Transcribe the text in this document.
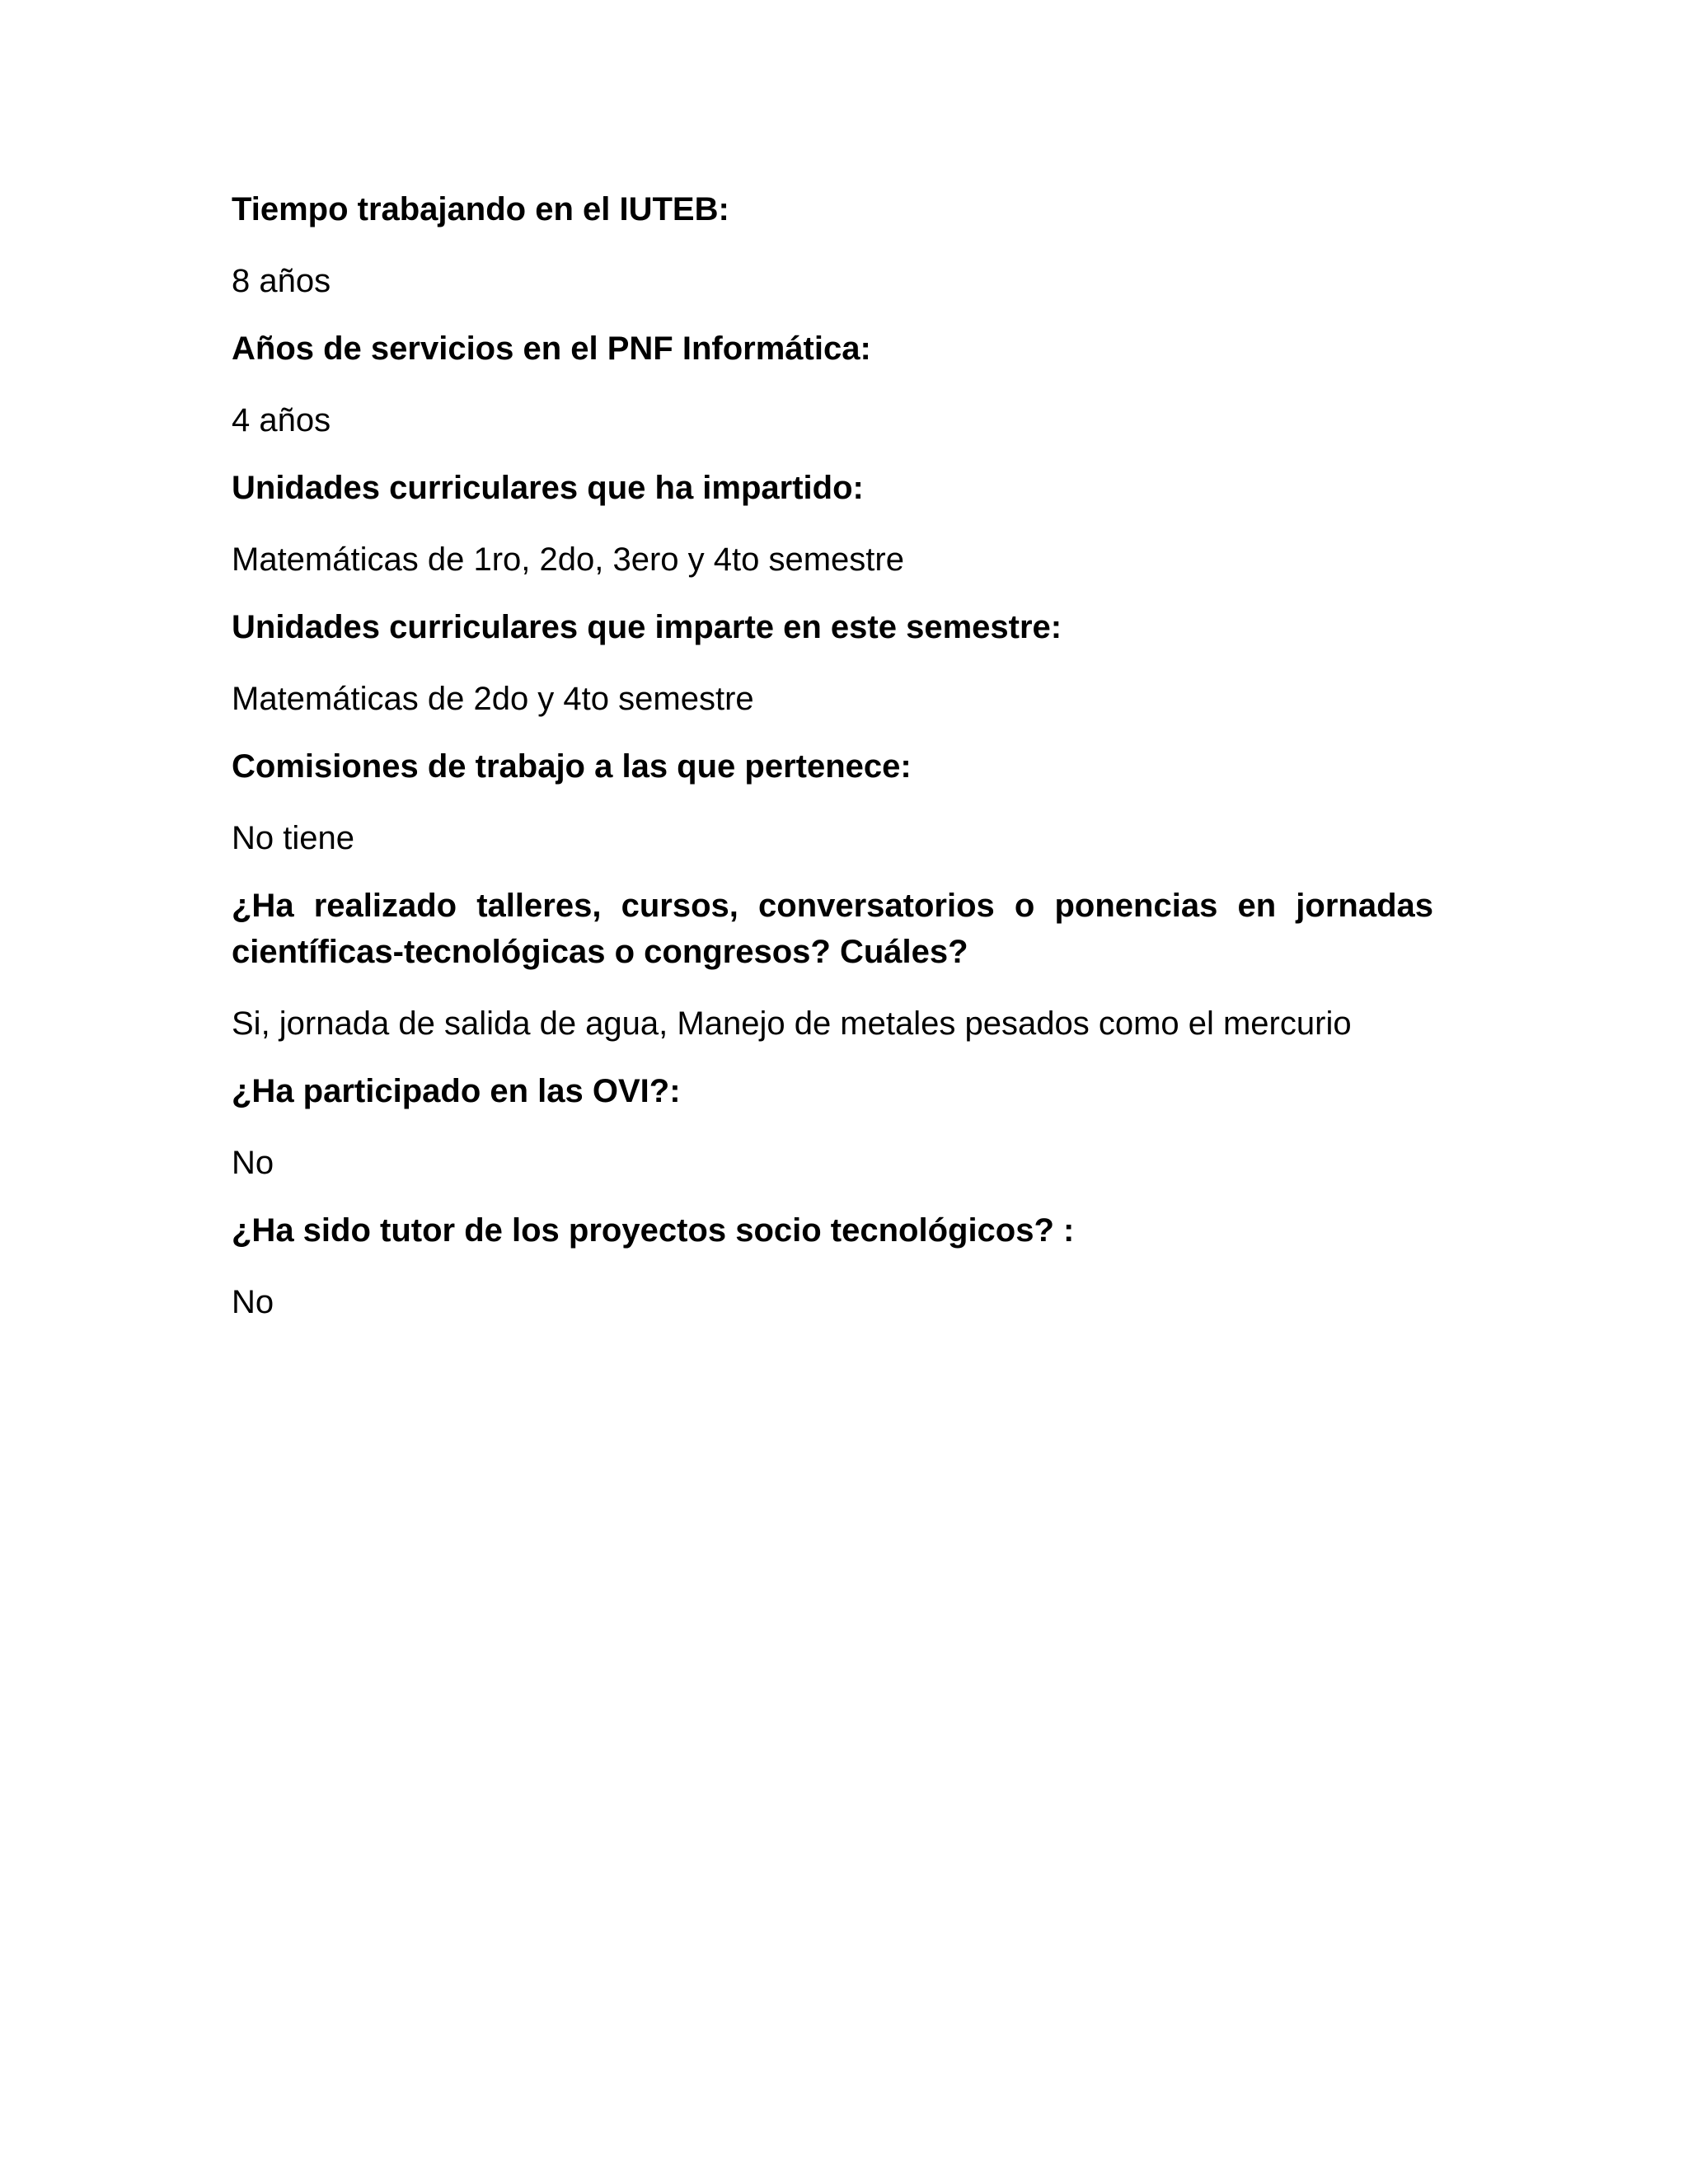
Tiempo trabajando en el IUTEB:

8 años

Años de servicios en el PNF Informática:

4 años

Unidades curriculares que ha impartido:

Matemáticas de 1ro, 2do, 3ero y 4to semestre

Unidades curriculares que imparte en este semestre:

Matemáticas de 2do y 4to semestre

Comisiones de trabajo a las que pertenece:

No tiene

¿Ha realizado talleres, cursos, conversatorios o ponencias en jornadas científicas-tecnológicas o congresos? Cuáles?

Si, jornada de salida de agua, Manejo de metales pesados como el mercurio

¿Ha participado en las OVI?:

No

¿Ha sido tutor de los proyectos socio tecnológicos? :

No
